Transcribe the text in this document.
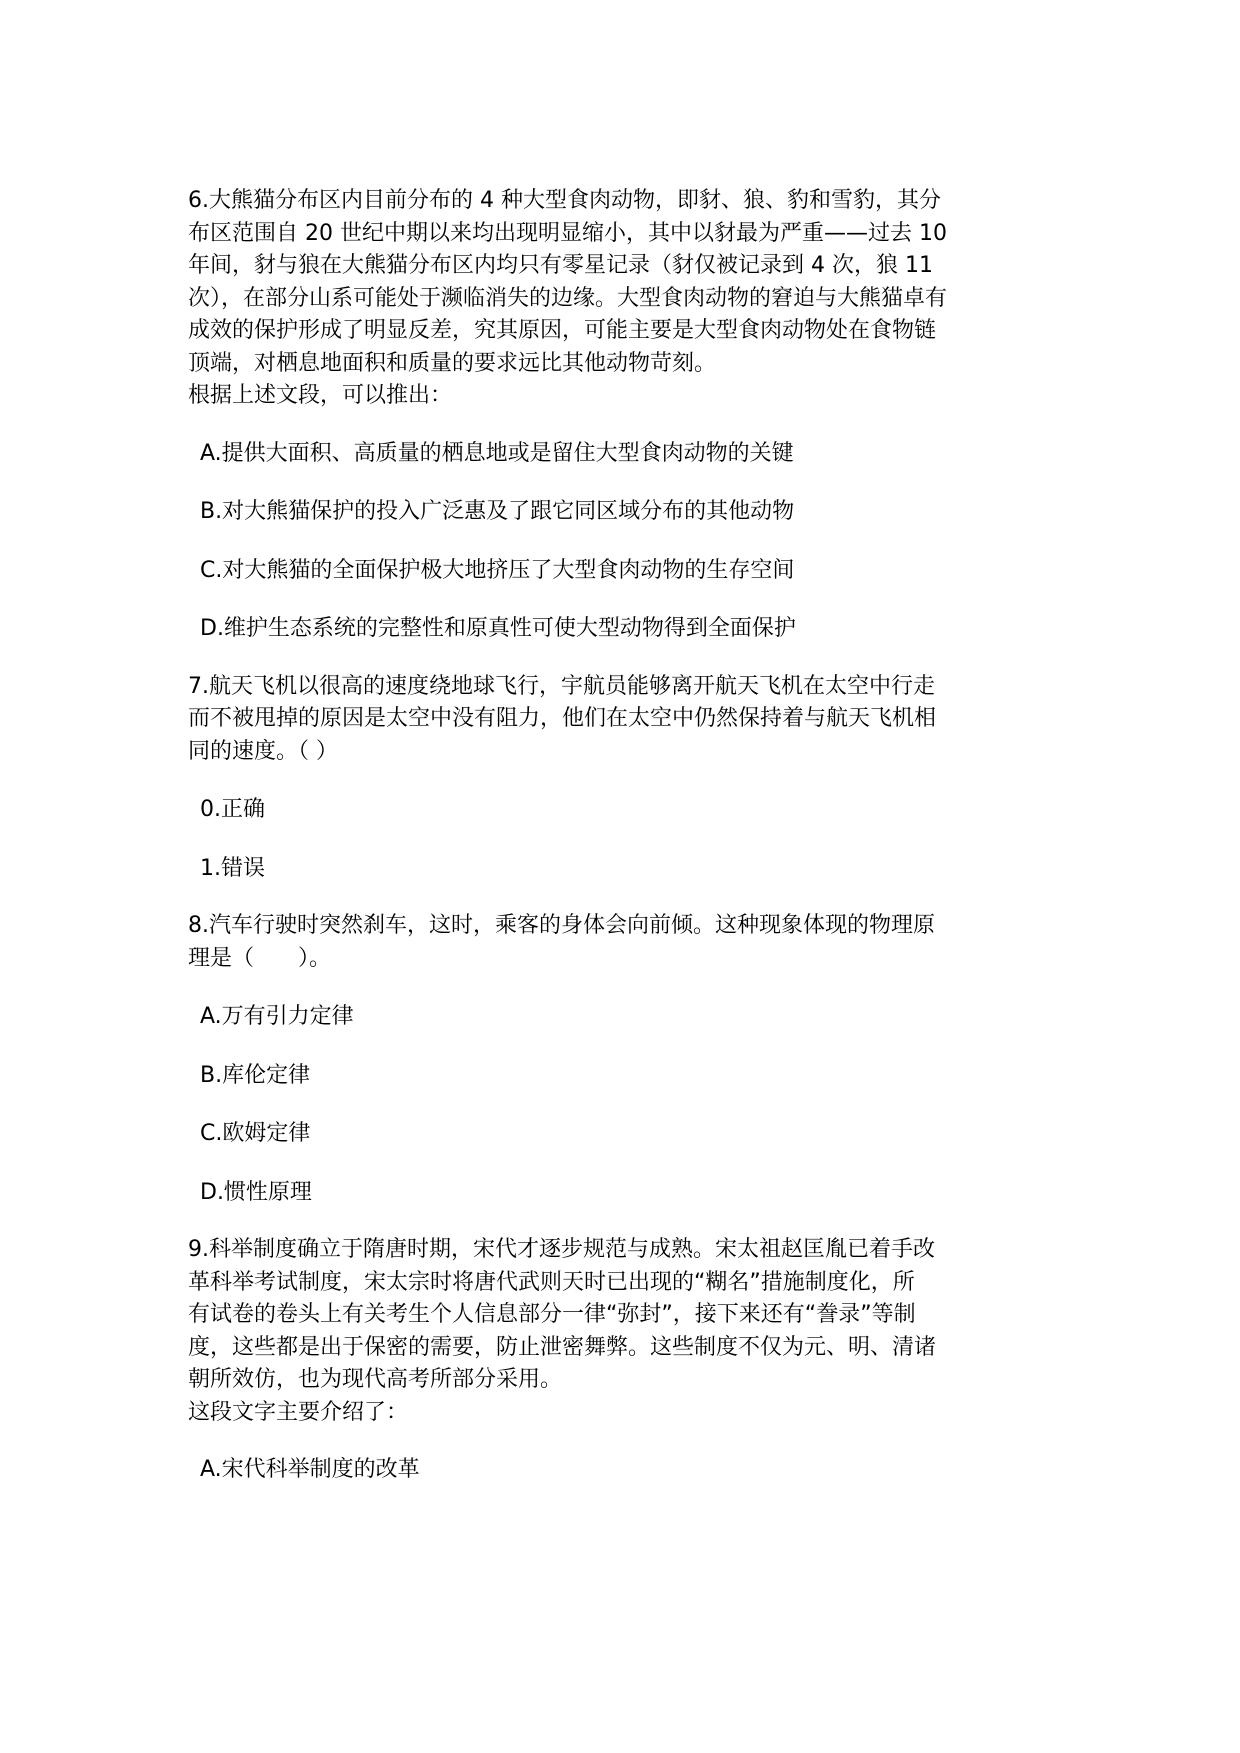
6.大熊猫分布区内目前分布的 4 种大型食肉动物，即豺、狼、豹和雪豹，其分
布区范围自 20 世纪中期以来均出现明显缩小，其中以豺最为严重——过去 10
年间，豺与狼在大熊猫分布区内均只有零星记录（豺仅被记录到 4 次，狼 11
次），在部分山系可能处于濒临消失的边缘。大型食肉动物的窘迫与大熊猫卓有
成效的保护形成了明显反差，究其原因，可能主要是大型食肉动物处在食物链
顶端，对栖息地面积和质量的要求远比其他动物苛刻。

根据上述文段，可以推出：

A.提供大面积、高质量的栖息地或是留住大型食肉动物的关键

B.对大熊猫保护的投入广泛惠及了跟它同区域分布的其他动物

C.对大熊猫的全面保护极大地挤压了大型食肉动物的生存空间

D.维护生态系统的完整性和原真性可使大型动物得到全面保护

7.航天飞机以很高的速度绕地球飞行，宇航员能够离开航天飞机在太空中行走
而不被甩掉的原因是太空中没有阻力，他们在太空中仍然保持着与航天飞机相
同的速度。（ ）

0.正确

1.错误

8.汽车行驶时突然刹车，这时，乘客的身体会向前倾。这种现象体现的物理原
理是（　　）。

A.万有引力定律

B.库伦定律

C.欧姆定律

D.惯性原理

9.科举制度确立于隋唐时期，宋代才逐步规范与成熟。宋太祖赵匡胤已着手改
革科举考试制度，宋太宗时将唐代武则天时已出现的“糊名”措施制度化，所
有试卷的卷头上有关考生个人信息部分一律“弥封”，接下来还有“誊录”等制
度，这些都是出于保密的需要，防止泄密舞弊。这些制度不仅为元、明、清诸
朝所效仿，也为现代高考所部分采用。

这段文字主要介绍了：

A.宋代科举制度的改革
